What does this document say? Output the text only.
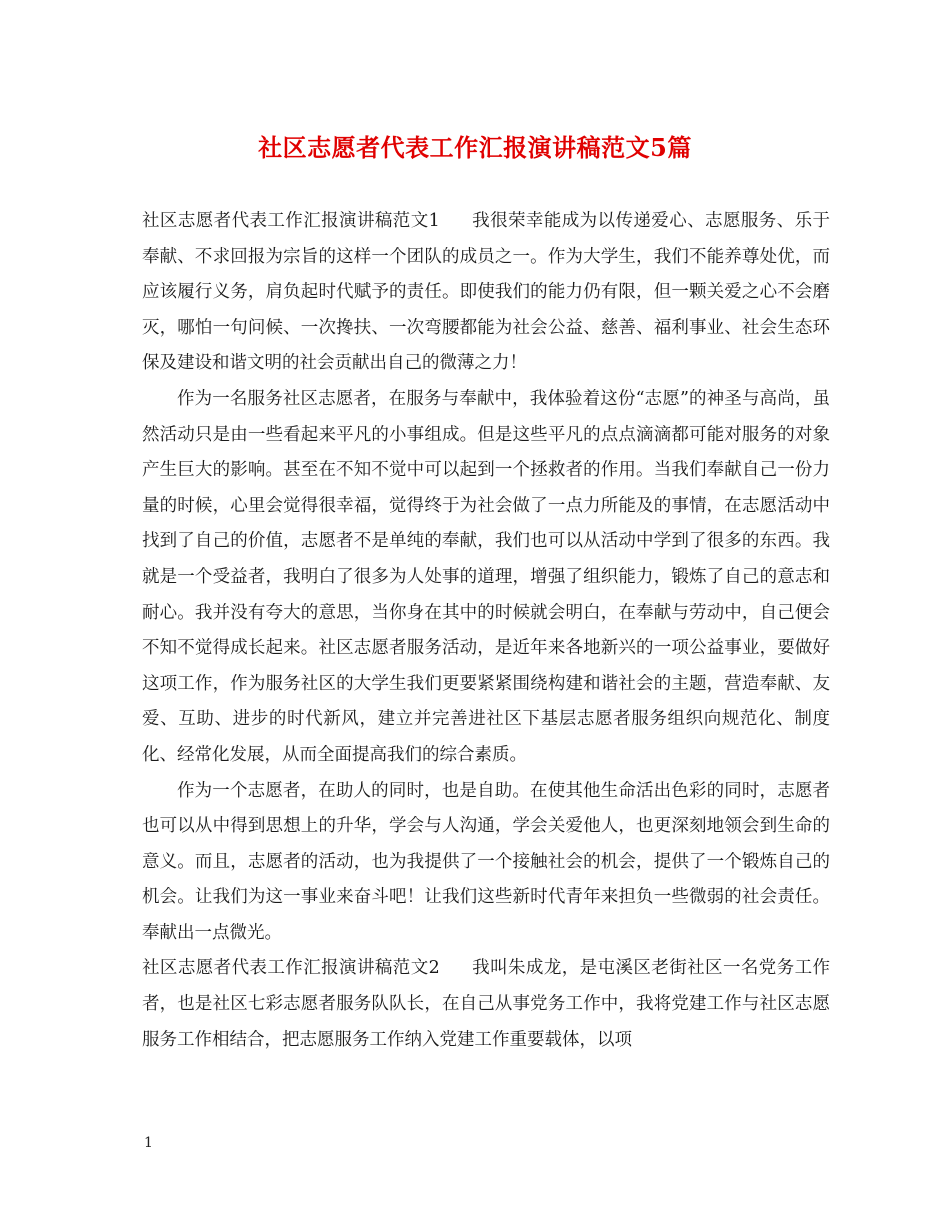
社区志愿者代表工作汇报演讲稿范文5篇

社区志愿者代表工作汇报演讲稿范文1 我很荣幸能成为以传递爱心、志愿服务、乐于奉献、不求回报为宗旨的这样一个团队的成员之一。作为大学生，我们不能养尊处优，而应该履行义务，肩负起时代赋予的责任。即使我们的能力仍有限，但一颗关爱之心不会磨灭，哪怕一句问候、一次搀扶、一次弯腰都能为社会公益、慈善、福利事业、社会生态环保及建设和谐文明的社会贡献出自己的微薄之力！

作为一名服务社区志愿者，在服务与奉献中，我体验着这份“志愿”的神圣与高尚，虽然活动只是由一些看起来平凡的小事组成。但是这些平凡的点点滴滴都可能对服务的对象产生巨大的影响。甚至在不知不觉中可以起到一个拯救者的作用。当我们奉献自己一份力量的时候，心里会觉得很幸福，觉得终于为社会做了一点力所能及的事情，在志愿活动中找到了自己的价值，志愿者不是单纯的奉献，我们也可以从活动中学到了很多的东西。我就是一个受益者，我明白了很多为人处事的道理，增强了组织能力，锻炼了自己的意志和耐心。我并没有夸大的意思，当你身在其中的时候就会明白，在奉献与劳动中，自己便会不知不觉得成长起来。社区志愿者服务活动，是近年来各地新兴的一项公益事业，要做好这项工作，作为服务社区的大学生我们更要紧紧围绕构建和谐社会的主题，营造奉献、友爱、互助、进步的时代新风，建立并完善进社区下基层志愿者服务组织向规范化、制度化、经常化发展，从而全面提高我们的综合素质。

作为一个志愿者，在助人的同时，也是自助。在使其他生命活出色彩的同时，志愿者也可以从中得到思想上的升华，学会与人沟通，学会关爱他人，也更深刻地领会到生命的意义。而且，志愿者的活动，也为我提供了一个接触社会的机会，提供了一个锻炼自己的机会。让我们为这一事业来奋斗吧！让我们这些新时代青年来担负一些微弱的社会责任。奉献出一点微光。

社区志愿者代表工作汇报演讲稿范文2 我叫朱成龙，是屯溪区老街社区一名党务工作者，也是社区七彩志愿者服务队队长，在自己从事党务工作中，我将党建工作与社区志愿服务工作相结合，把志愿服务工作纳入党建工作重要载体，以项

1
